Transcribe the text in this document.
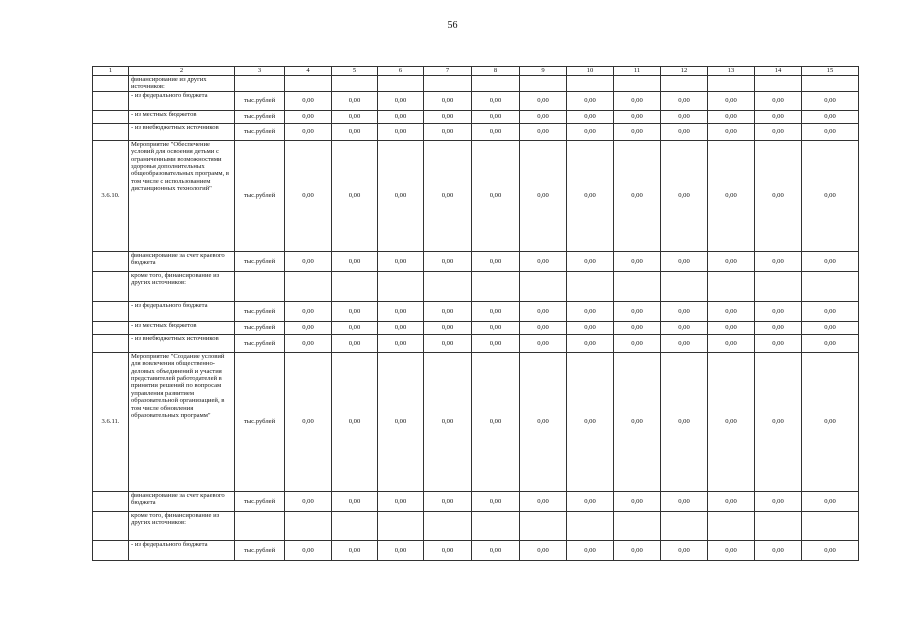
56
1	2	3	4	5	6	7	8	9	10	11	12	13	14	15
	финансирование из других источников:													
	- из федерального бюджета	тыс.рублей	0,00	0,00	0,00	0,00	0,00	0,00	0,00	0,00	0,00	0,00	0,00	0,00
	- из местных бюджетов	тыс.рублей	0,00	0,00	0,00	0,00	0,00	0,00	0,00	0,00	0,00	0,00	0,00	0,00
	- из внебюджетных источников	тыс.рублей	0,00	0,00	0,00	0,00	0,00	0,00	0,00	0,00	0,00	0,00	0,00	0,00
3.6.10.	Мероприятие "Обеспечение условий для освоения детьми с ограниченными возможностями здоровья дополнительных общеобразовательных программ, в том числе с использованием дистанционных технологий"	тыс.рублей	0,00	0,00	0,00	0,00	0,00	0,00	0,00	0,00	0,00	0,00	0,00	0,00
	финансирование за счет краевого бюджета	тыс.рублей	0,00	0,00	0,00	0,00	0,00	0,00	0,00	0,00	0,00	0,00	0,00	0,00
	кроме того, финансирование из других источников:													
	- из федерального бюджета	тыс.рублей	0,00	0,00	0,00	0,00	0,00	0,00	0,00	0,00	0,00	0,00	0,00	0,00
	- из местных бюджетов	тыс.рублей	0,00	0,00	0,00	0,00	0,00	0,00	0,00	0,00	0,00	0,00	0,00	0,00
	- из внебюджетных источников	тыс.рублей	0,00	0,00	0,00	0,00	0,00	0,00	0,00	0,00	0,00	0,00	0,00	0,00
3.6.11.	Мероприятие "Создание условий для вовлечения общественно-деловых объединений и участия представителей работодателей в принятии решений по вопросам управления развитием образовательной организацией, в том числе обновления образовательных программ"	тыс.рублей	0,00	0,00	0,00	0,00	0,00	0,00	0,00	0,00	0,00	0,00	0,00	0,00
	финансирование за счет краевого бюджета	тыс.рублей	0,00	0,00	0,00	0,00	0,00	0,00	0,00	0,00	0,00	0,00	0,00	0,00
	кроме того, финансирование из других источников:													
	- из федерального бюджета	тыс.рублей	0,00	0,00	0,00	0,00	0,00	0,00	0,00	0,00	0,00	0,00	0,00	0,00
